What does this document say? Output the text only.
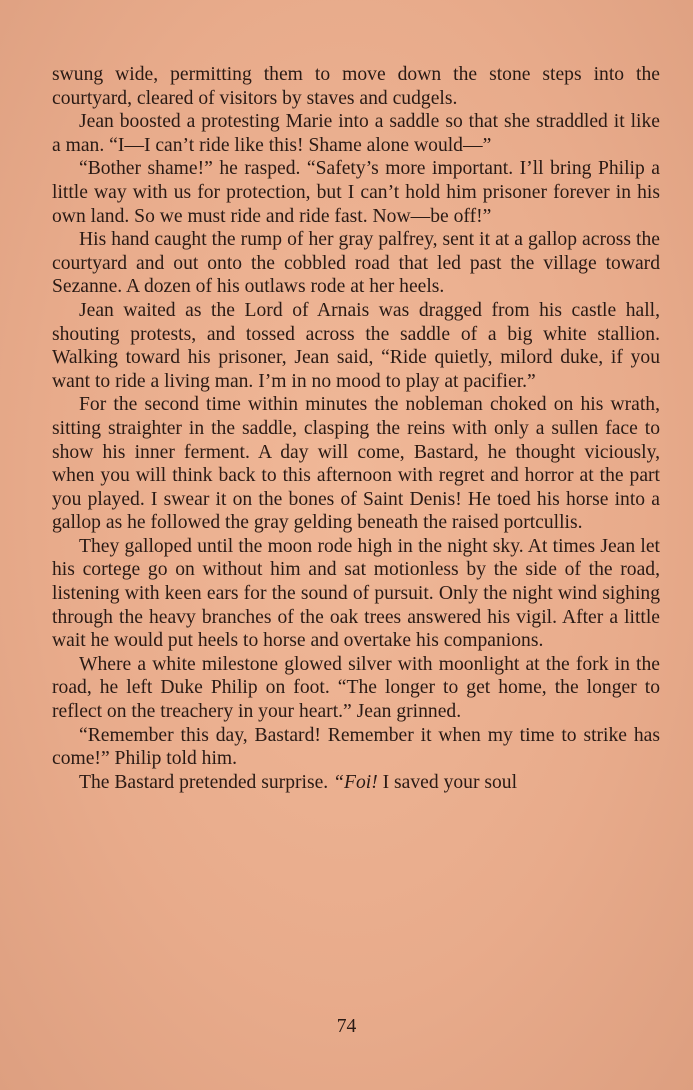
swung wide, permitting them to move down the stone steps into the courtyard, cleared of visitors by staves and cudgels.

Jean boosted a protesting Marie into a saddle so that she straddled it like a man. “I—I can’t ride like this! Shame alone would—”

“Bother shame!” he rasped. “Safety’s more important. I’ll bring Philip a little way with us for protection, but I can’t hold him prisoner forever in his own land. So we must ride and ride fast. Now—be off!”

His hand caught the rump of her gray palfrey, sent it at a gallop across the courtyard and out onto the cobbled road that led past the village toward Sezanne. A dozen of his outlaws rode at her heels.

Jean waited as the Lord of Arnais was dragged from his castle hall, shouting protests, and tossed across the saddle of a big white stallion. Walking toward his prisoner, Jean said, “Ride quietly, milord duke, if you want to ride a living man. I’m in no mood to play at pacifier.”

For the second time within minutes the nobleman choked on his wrath, sitting straighter in the saddle, clasping the reins with only a sullen face to show his inner ferment. A day will come, Bastard, he thought viciously, when you will think back to this afternoon with regret and horror at the part you played. I swear it on the bones of Saint Denis! He toed his horse into a gallop as he followed the gray gelding beneath the raised portcullis.

They galloped until the moon rode high in the night sky. At times Jean let his cortege go on without him and sat motionless by the side of the road, listening with keen ears for the sound of pursuit. Only the night wind sighing through the heavy branches of the oak trees answered his vigil. After a little wait he would put heels to horse and overtake his companions.

Where a white milestone glowed silver with moonlight at the fork in the road, he left Duke Philip on foot. “The longer to get home, the longer to reflect on the treachery in your heart.” Jean grinned.

“Remember this day, Bastard! Remember it when my time to strike has come!” Philip told him.

The Bastard pretended surprise. “Foi! I saved your soul

74
